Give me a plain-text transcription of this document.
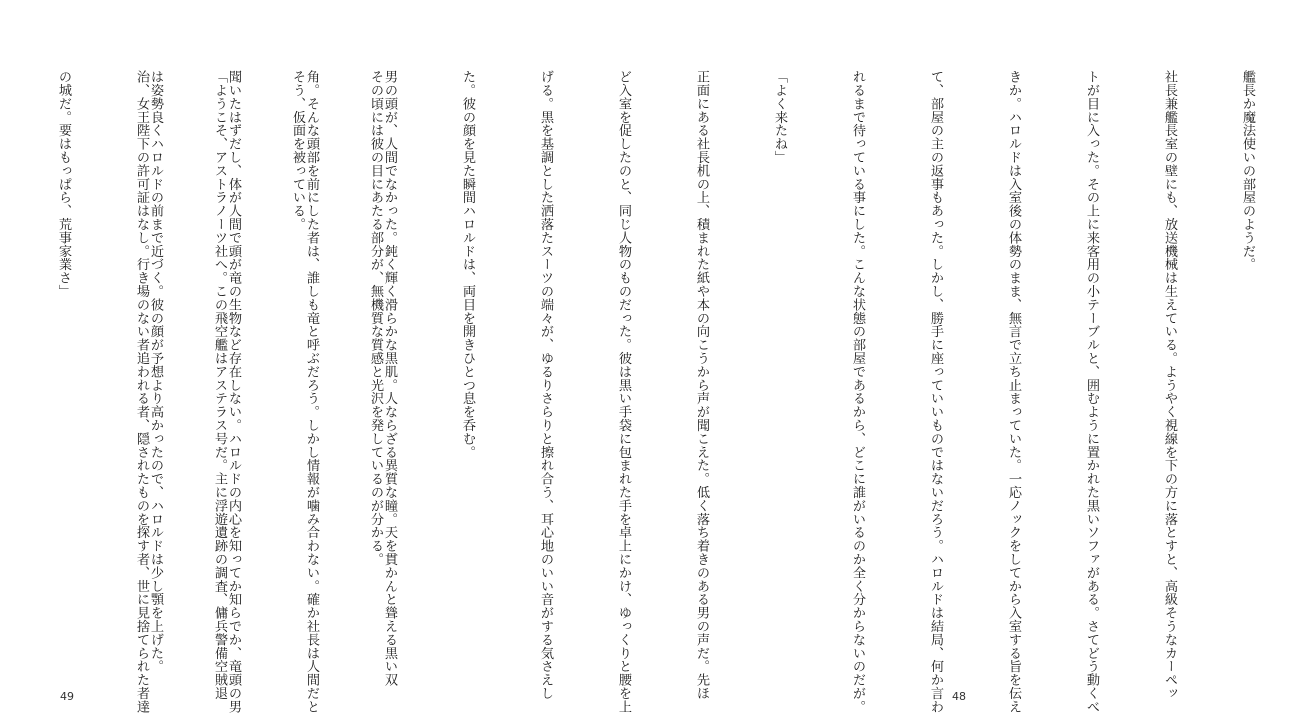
その頃には彼の目にあたる部分が、無機質な質感と光沢を発しているのが分かる。

そう、仮面を被っている。

「ようこそ、アストラノーツ社へ。この飛空艦はアステラス号だ。主に浮遊遺跡の調査、傭兵警備空賊退

治、女王陛下の許可証はなし。行き場のない者追われる者、隠されたものを探す者、世に見捨てられた者達

の城だ。要はもっぱら、荒事家業さ」

49

艦長か魔法使いの部屋のようだ。

社長兼艦長室の壁にも、放送機械は生えている。ようやく視線を下の方に落とすと、高級そうなカーペッ

トが目に入った。その上に来客用の小テーブルと、囲むように置かれた黒いソファがある。さてどう動くべ

きか。ハロルドは入室後の体勢のまま、無言で立ち止まっていた。一応ノックをしてから入室する旨を伝え

て、部屋の主の返事もあった。しかし、勝手に座っていいものではないだろう。ハロルドは結局、何か言わ

れるまで待っている事にした。こんな状態の部屋であるから、どこに誰がいるのか全く分からないのだが。

「よく来たね」

正面にある社長机の上、積まれた紙や本の向こうから声が聞こえた。低く落ち着きのある男の声だ。先ほ

ど入室を促したのと、同じ人物のものだった。彼は黒い手袋に包まれた手を卓上にかけ、ゆっくりと腰を上

げる。黒を基調とした洒落たスーツの端々が、ゆるりさらりと擦れ合う、耳心地のいい音がする気さえし

た。彼の顔を見た瞬間ハロルドは、両目を開きひとつ息を呑む。

男の頭が、人間でなかった。鈍く輝く滑らかな黒肌。人ならざる異質な瞳。天を貫かんと聳える黒い双

角。そんな頭部を前にした者は、誰しも竜と呼ぶだろう。しかし情報が噛み合わない。確か社長は人間だと

聞いたはずだし、体が人間で頭が竜の生物など存在しない。ハロルドの内心を知ってか知らでか、竜頭の男

は姿勢良くハロルドの前まで近づく。彼の顔が予想より高かったので、ハロルドは少し顎を上げた。

48
